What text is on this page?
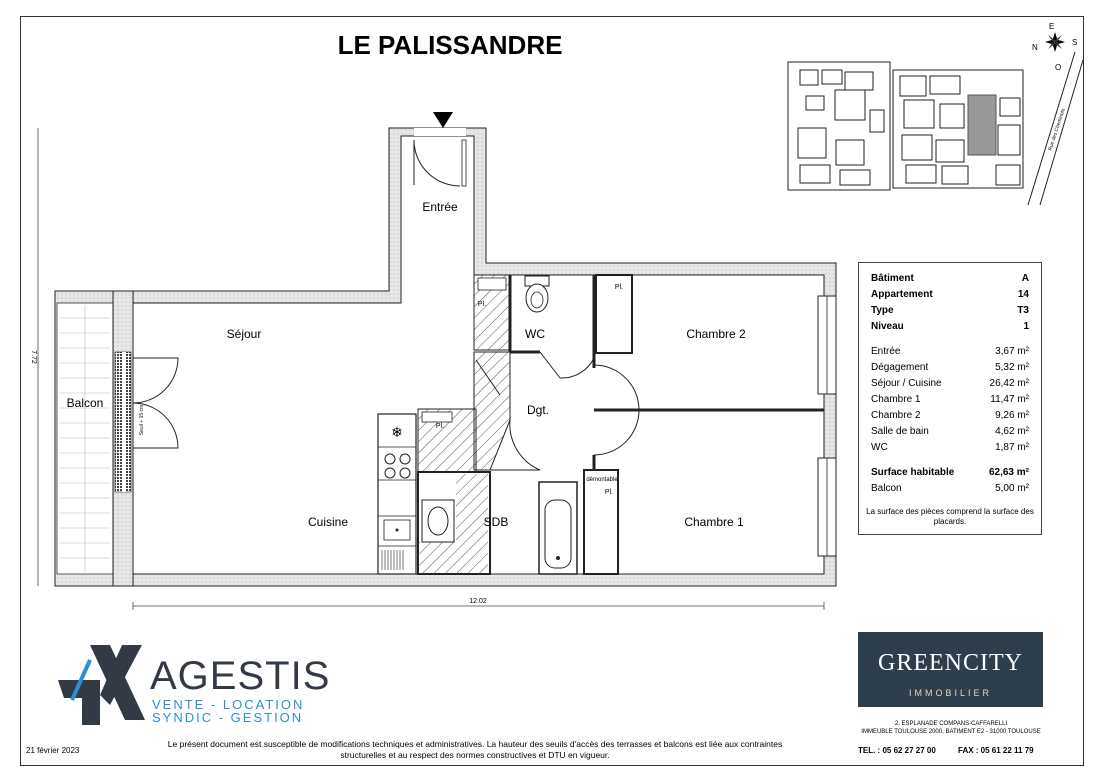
LE PALISSANDRE
❄
Entrée
Séjour
Balcon
Cuisine
WC
Dgt.
SDB
Chambre 2
Chambre 1
Pl.
Pl.
Pl.
Pl.
démontable
Seuil + 15 cm
12.02
7.72
Rue des Cheminots
N
E
S
O
Bâtiment	A
Appartement	14
Type	T3
Niveau	1
Entrée	3,67 m²
Dégagement	5,32 m²
Séjour / Cuisine	26,42 m²
Chambre 1	11,47 m²
Chambre 2	9,26 m²
Salle de bain	4,62 m²
WC	1,87 m²
Surface habitable	62,63 m²
Balcon	5,00 m²
La surface des pièces comprend la surface des placards.
AGESTIS
VENTE - LOCATION
SYNDIC - GESTION
GREENCITY
IMMOBILIER
2, ESPLANADE COMPANS-CAFFARELLI
IMMEUBLE TOULOUSE 2000, BATIMENT E2 - 31000 TOULOUSE
TEL. : 05 62 27 27 00	FAX : 05 61 22 11 79
21 février 2023
Le présent document est susceptible de modifications techniques et administratives. La hauteur des seuils d'accès des terrasses et balcons est liée aux contraintes structurelles et au respect des normes constructives et DTU en vigueur.
